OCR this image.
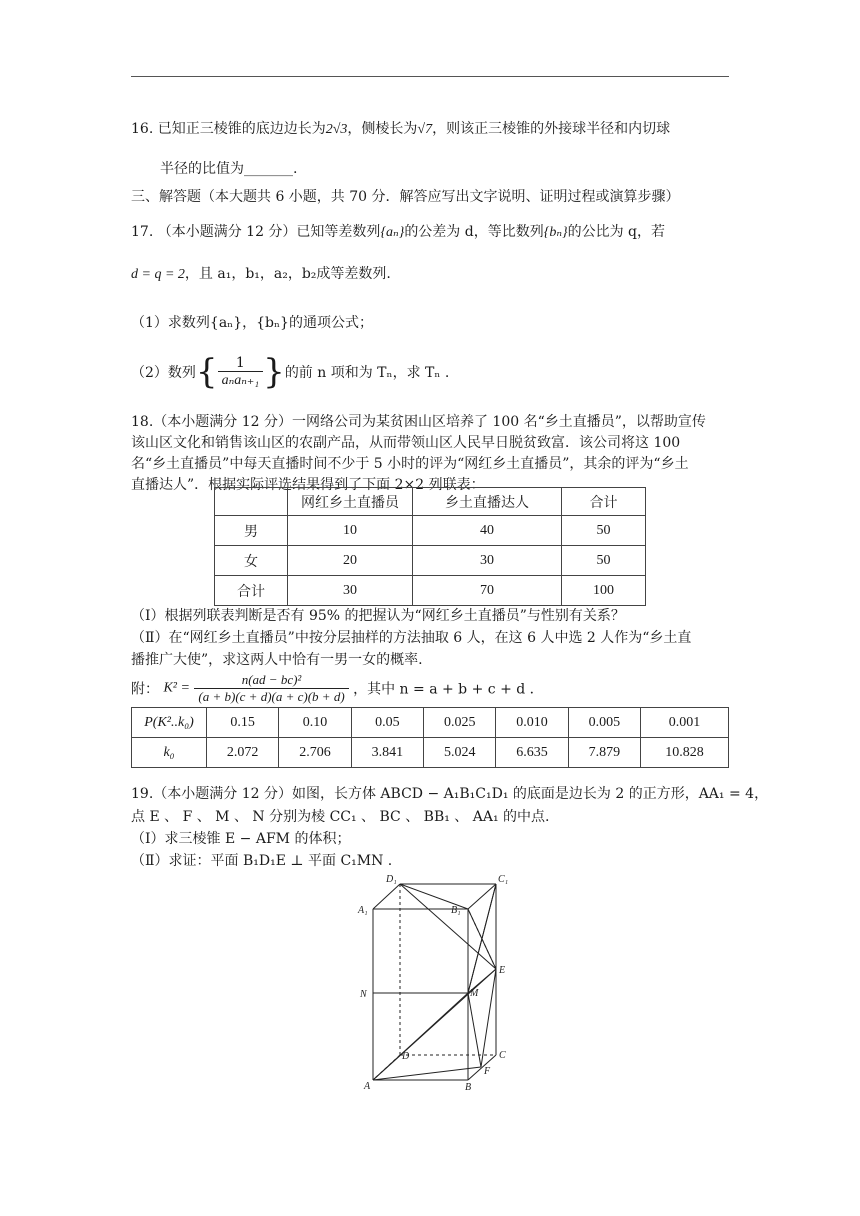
16. 已知正三棱锥的底边边长为2√3，侧棱长为√7，则该正三棱锥的外接球半径和内切球
半径的比值为_______.
三、解答题（本大题共 6 小题，共 70 分．解答应写出文字说明、证明过程或演算步骤）
17. （本小题满分 12 分）已知等差数列{aₙ}的公差为 d，等比数列{bₙ}的公比为 q，若
d = q = 2，且 a₁，b₁，a₂，b₂成等差数列.
（1）求数列{aₙ}，{bₙ}的通项公式；
（2）数列{ $\frac{1}{\text{aₙaₙ₊₁}}$ }的前 n 项和为 Tₙ，求 Tₙ .
18.（本小题满分 12 分）一网络公司为某贫困山区培养了 100 名“乡土直播员”，以帮助宣传
该山区文化和销售该山区的农副产品，从而带领山区人民早日脱贫致富．该公司将这 100
名“乡土直播员”中每天直播时间不少于 5 小时的评为“网红乡土直播员”，其余的评为“乡土
直播达人”．根据实际评选结果得到了下面 2×2 列联表：
	网红乡土直播员	乡土直播达人	合计
男	10	40	50
女	20	30	50
合计	30	70	100
（Ⅰ）根据列联表判断是否有 95% 的把握认为“网红乡土直播员”与性别有关系？
（Ⅱ）在“网红乡土直播员”中按分层抽样的方法抽取 6 人，在这 6 人中选 2 人作为“乡土直
播推广大使”，求这两人中恰有一男一女的概率.
附： $K^2 = \frac{\text{n(ad − bc)²}}{(a + b)(c + d)(a + c)(b + d)}$ ，其中 n = a + b + c + d ．
P(K²..k₀)	0.15	0.10	0.05	0.025	0.010	0.005	0.001
k₀	2.072	2.706	3.841	5.024	6.635	7.879	10.828
19.（本小题满分 12 分）如图，长方体 ABCD − A₁B₁C₁D₁ 的底面是边长为 2 的正方形，AA₁ = 4，
点 E 、 F 、 M 、 N 分别为棱 CC₁ 、 BC 、 BB₁ 、 AA₁ 的中点.
（Ⅰ）求三棱锥 E − AFM 的体积；
（Ⅱ）求证：平面 B₁D₁E ⊥ 平面 C₁MN .
D₁	C₁
A₁	B₁
E
N	M
D	C
F
A	B
